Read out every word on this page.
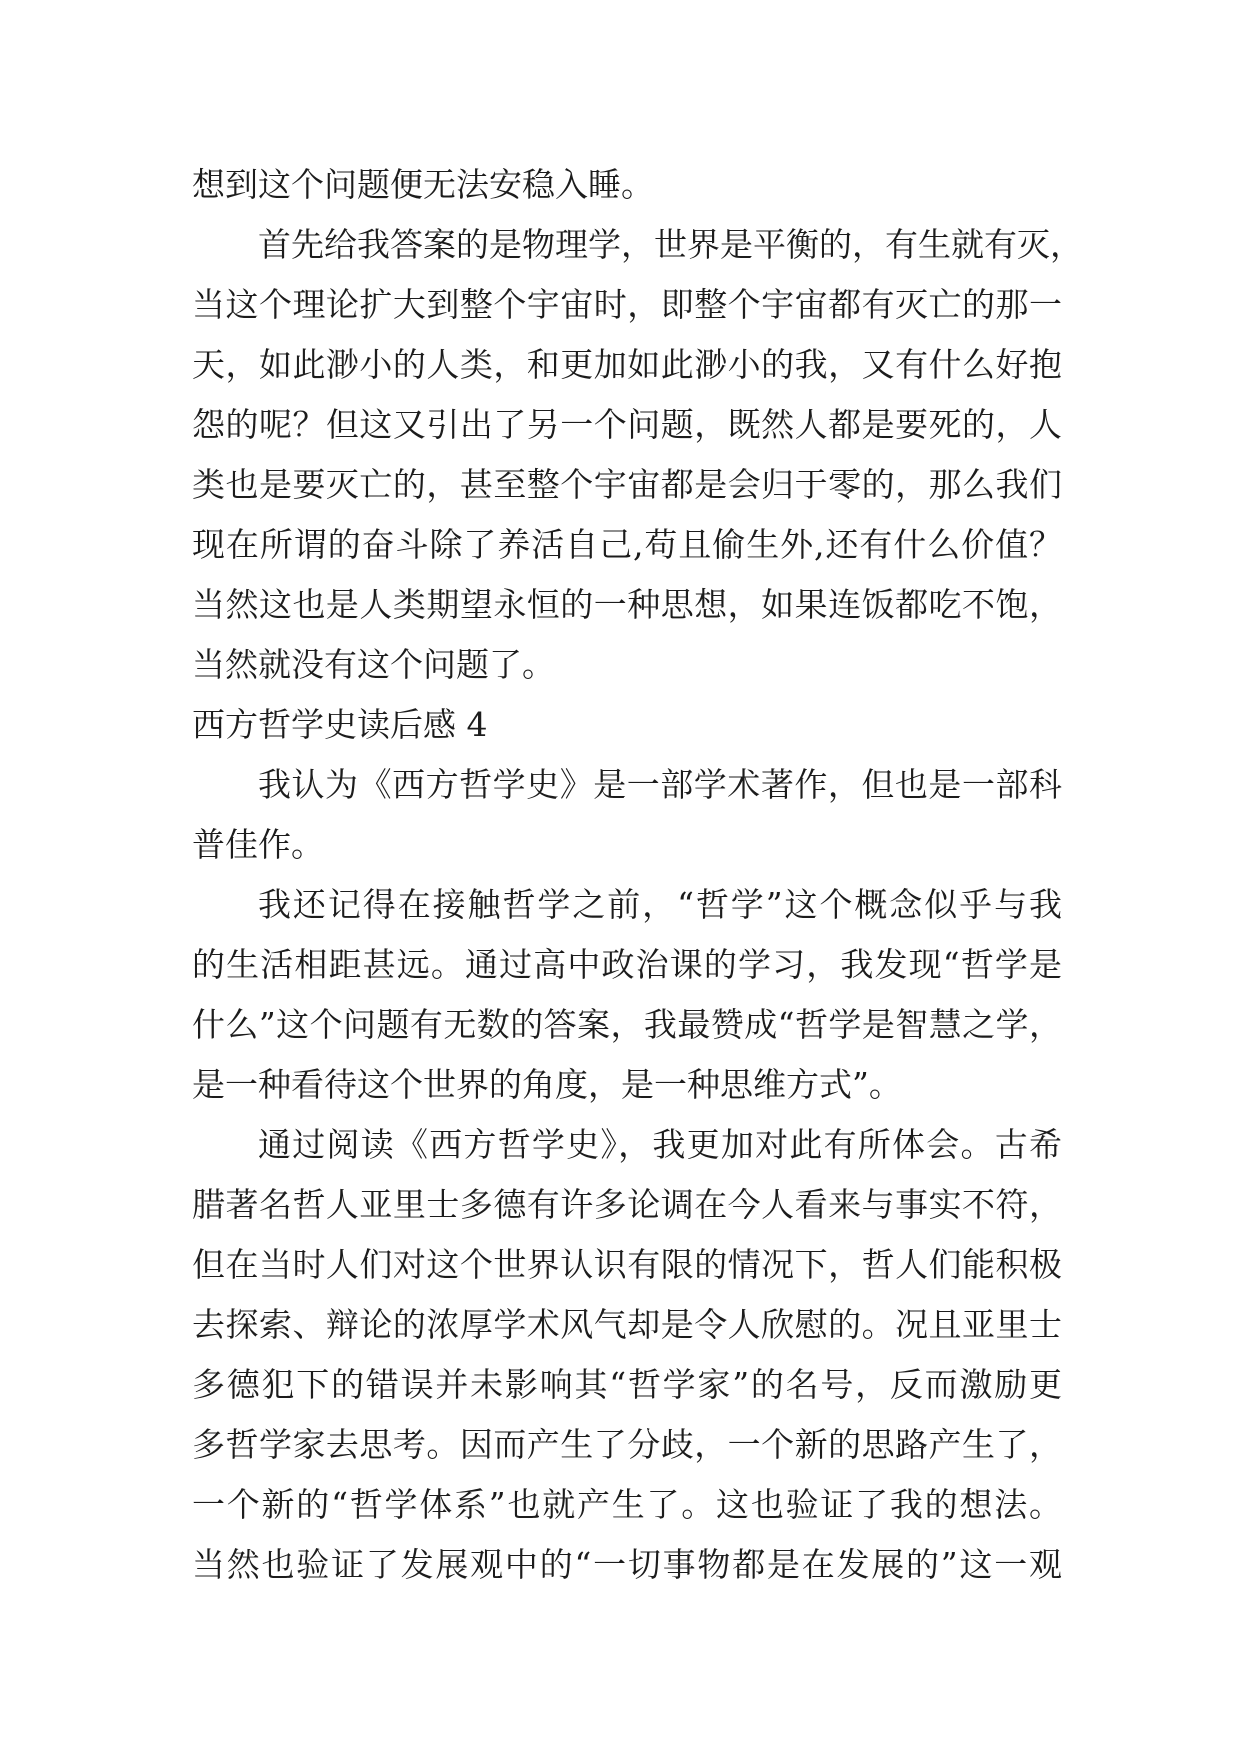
想到这个问题便无法安稳入睡。
首先给我答案的是物理学，世界是平衡的，有生就有灭，
当这个理论扩大到整个宇宙时，即整个宇宙都有灭亡的那一
天，如此渺小的人类，和更加如此渺小的我，又有什么好抱
怨的呢？但这又引出了另一个问题，既然人都是要死的，人
类也是要灭亡的，甚至整个宇宙都是会归于零的，那么我们
现在所谓的奋斗除了养活自己,苟且偷生外,还有什么价值？
当然这也是人类期望永恒的一种思想，如果连饭都吃不饱，
当然就没有这个问题了。
西方哲学史读后感 4
我认为《西方哲学史》是一部学术著作，但也是一部科
普佳作。
我还记得在接触哲学之前，“哲学”这个概念似乎与我
的生活相距甚远。通过高中政治课的学习，我发现“哲学是
什么”这个问题有无数的答案，我最赞成“哲学是智慧之学，
是一种看待这个世界的角度，是一种思维方式”。
通过阅读《西方哲学史》，我更加对此有所体会。古希
腊著名哲人亚里士多德有许多论调在今人看来与事实不符，
但在当时人们对这个世界认识有限的情况下，哲人们能积极
去探索、辩论的浓厚学术风气却是令人欣慰的。况且亚里士
多德犯下的错误并未影响其“哲学家”的名号，反而激励更
多哲学家去思考。因而产生了分歧，一个新的思路产生了，
一个新的“哲学体系”也就产生了。这也验证了我的想法。
当然也验证了发展观中的“一切事物都是在发展的”这一观
